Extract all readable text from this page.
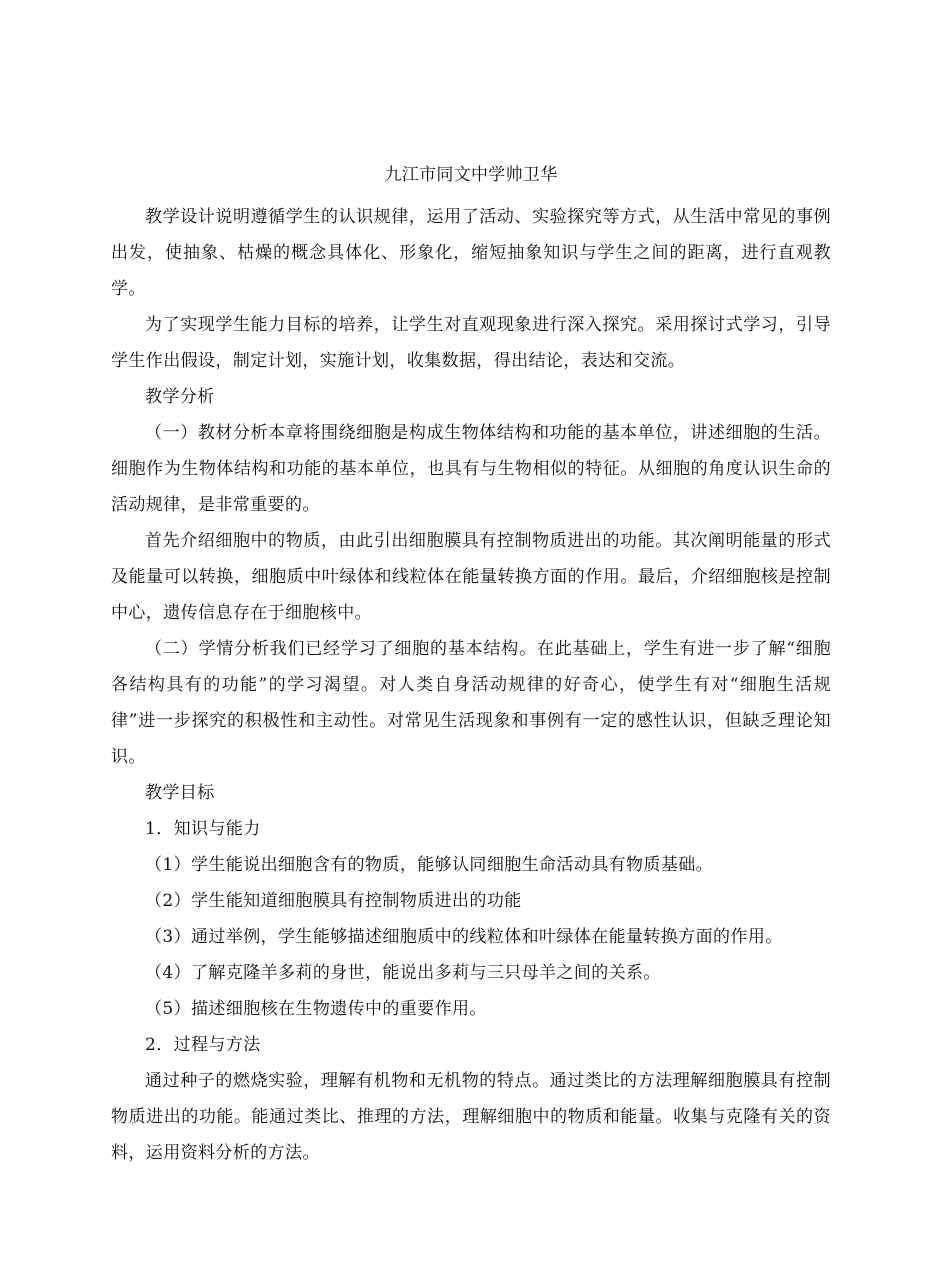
九江市同文中学帅卫华

教学设计说明遵循学生的认识规律，运用了活动、实验探究等方式，从生活中常见的事例出发，使抽象、枯燥的概念具体化、形象化，缩短抽象知识与学生之间的距离，进行直观教学。

为了实现学生能力目标的培养，让学生对直观现象进行深入探究。采用探讨式学习，引导学生作出假设，制定计划，实施计划，收集数据，得出结论，表达和交流。

教学分析

（一）教材分析本章将围绕细胞是构成生物体结构和功能的基本单位，讲述细胞的生活。细胞作为生物体结构和功能的基本单位，也具有与生物相似的特征。从细胞的角度认识生命的活动规律，是非常重要的。

首先介绍细胞中的物质，由此引出细胞膜具有控制物质进出的功能。其次阐明能量的形式及能量可以转换，细胞质中叶绿体和线粒体在能量转换方面的作用。最后，介绍细胞核是控制中心，遗传信息存在于细胞核中。

（二）学情分析我们已经学习了细胞的基本结构。在此基础上，学生有进一步了解“细胞各结构具有的功能”的学习渴望。对人类自身活动规律的好奇心，使学生有对“细胞生活规律”进一步探究的积极性和主动性。对常见生活现象和事例有一定的感性认识，但缺乏理论知识。

教学目标

1．知识与能力

（1）学生能说出细胞含有的物质，能够认同细胞生命活动具有物质基础。

（2）学生能知道细胞膜具有控制物质进出的功能

（3）通过举例，学生能够描述细胞质中的线粒体和叶绿体在能量转换方面的作用。

（4）了解克隆羊多莉的身世，能说出多莉与三只母羊之间的关系。

（5）描述细胞核在生物遗传中的重要作用。

2．过程与方法

通过种子的燃烧实验，理解有机物和无机物的特点。通过类比的方法理解细胞膜具有控制物质进出的功能。能通过类比、推理的方法，理解细胞中的物质和能量。收集与克隆有关的资料，运用资料分析的方法。
